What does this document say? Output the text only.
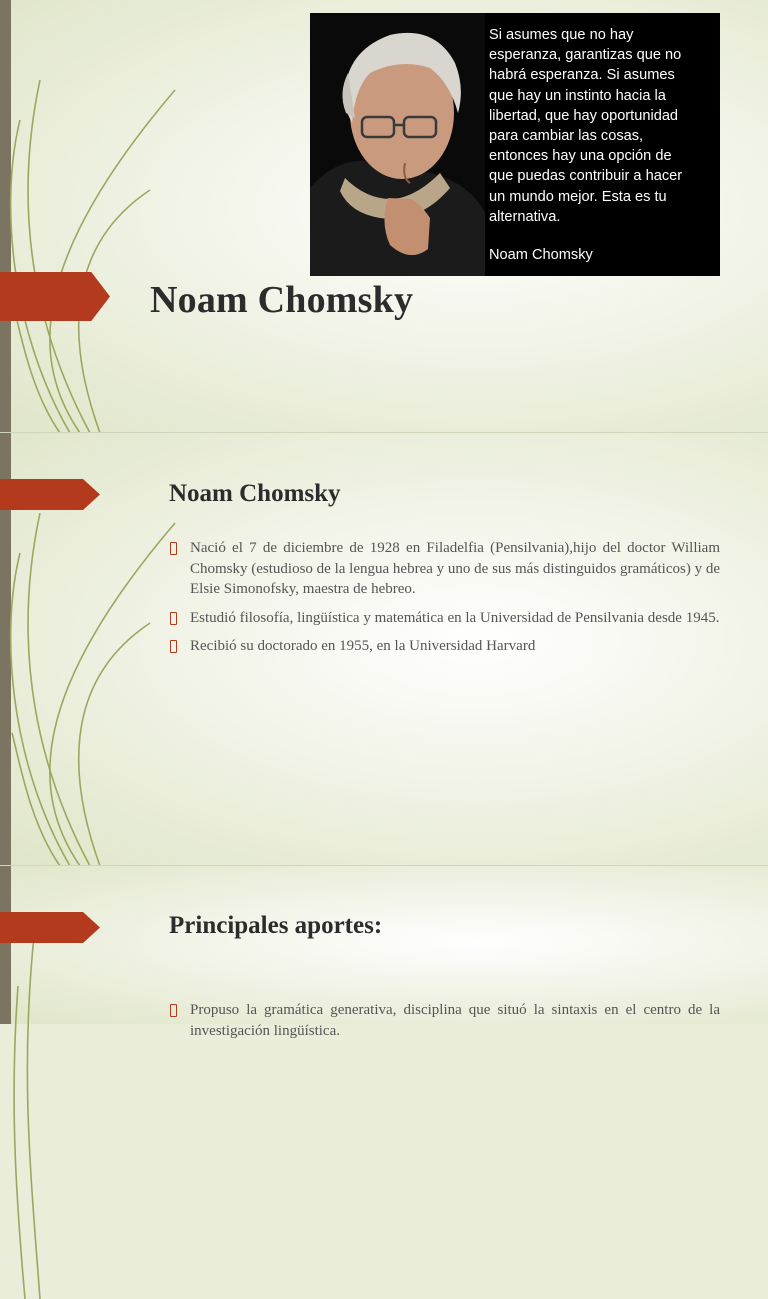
Si asumes que no hay
esperanza, garantizas que no
habrá esperanza. Si asumes
que hay un instinto hacia la
libertad, que hay oportunidad
para cambiar las cosas,
entonces hay una opción de
que puedas contribuir a hacer
un mundo mejor. Esta es tu
alternativa.
Noam Chomsky
Noam Chomsky
Noam Chomsky
Nació el 7 de diciembre de 1928 en Filadelfia (Pensilvania),hijo del doctor William Chomsky (estudioso de la lengua hebrea y uno de sus más distinguidos gramáticos) y de Elsie Simonofsky, maestra de hebreo.
Estudió filosofía, lingüística y matemática en la Universidad de Pensilvania desde 1945.
Recibió su doctorado en 1955, en la Universidad Harvard
Principales aportes:
Propuso la gramática generativa, disciplina que situó la sintaxis en el centro de la investigación lingüística.
